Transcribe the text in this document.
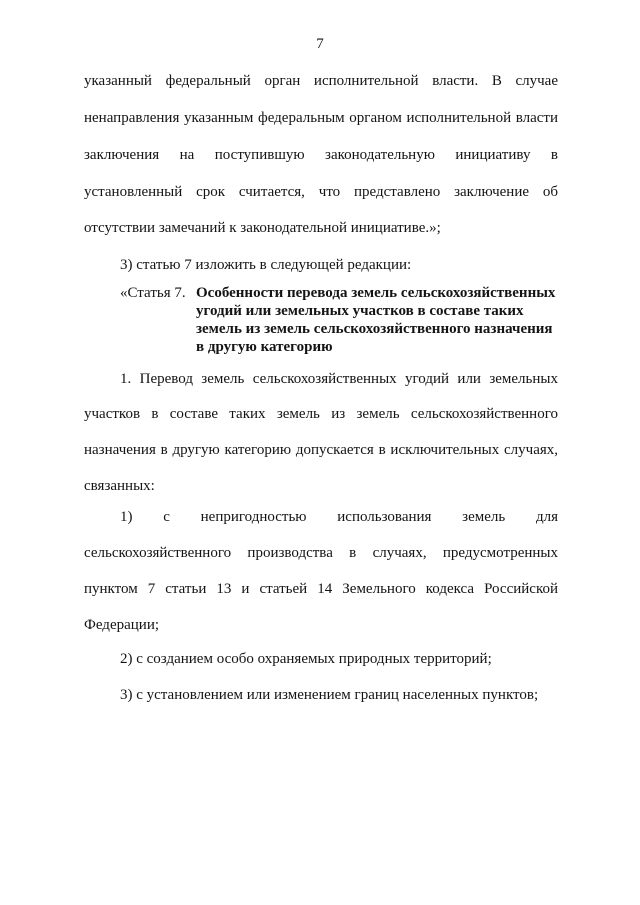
7
указанный федеральный орган исполнительной власти. В случае
ненаправления указанным федеральным органом исполнительной власти
заключения на поступившую законодательную инициативу в
установленный срок считается, что представлено заключение об
отсутствии замечаний к законодательной инициативе.»;
3) статью 7 изложить в следующей редакции:
«Статья 7. Особенности перевода земель сельскохозяйственных
угодий или земельных участков в составе таких
земель из земель сельскохозяйственного назначения
в другую категорию
1. Перевод земель сельскохозяйственных угодий или земельных
участков в составе таких земель из земель сельскохозяйственного
назначения в другую категорию допускается в исключительных случаях,
связанных:
1) с непригодностью использования земель для
сельскохозяйственного производства в случаях, предусмотренных
пунктом 7 статьи 13 и статьей 14 Земельного кодекса Российской
Федерации;
2) с созданием особо охраняемых природных территорий;
3) с установлением или изменением границ населенных пунктов;
